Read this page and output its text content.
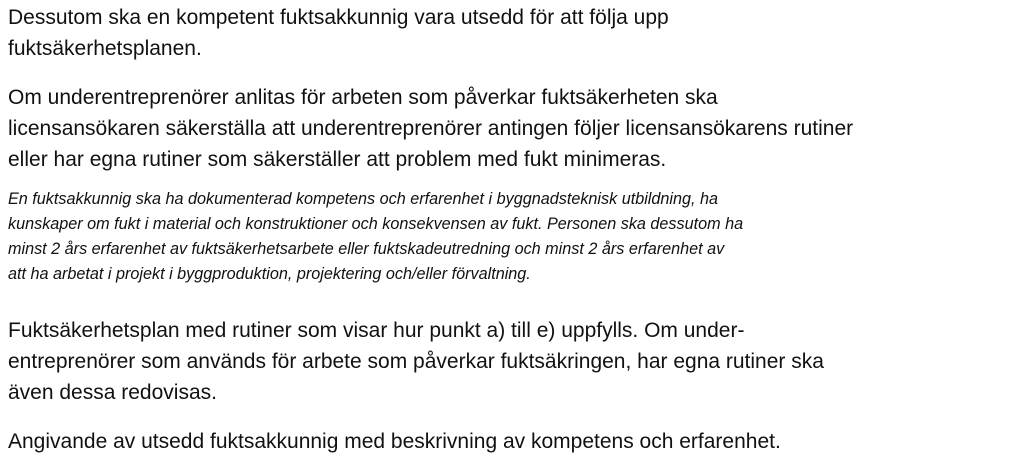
Dessutom ska en kompetent fuktsakkunnig vara utsedd för att följa upp
fuktsäkerhetsplanen.

Om underentreprenörer anlitas för arbeten som påverkar fuktsäkerheten ska
licensansökaren säkerställa att underentreprenörer antingen följer licensansökarens rutiner
eller har egna rutiner som säkerställer att problem med fukt minimeras.

En fuktsakkunnig ska ha dokumenterad kompetens och erfarenhet i byggnadsteknisk utbildning, ha
kunskaper om fukt i material och konstruktioner och konsekvensen av fukt. Personen ska dessutom ha
minst 2 års erfarenhet av fuktsäkerhetsarbete eller fuktskadeutredning och minst 2 års erfarenhet av
att ha arbetat i projekt i byggproduktion, projektering och/eller förvaltning.

Fuktsäkerhetsplan med rutiner som visar hur punkt a) till e) uppfylls. Om under-
entreprenörer som används för arbete som påverkar fuktsäkringen, har egna rutiner ska
även dessa redovisas.

Angivande av utsedd fuktsakkunnig med beskrivning av kompetens och erfarenhet.
